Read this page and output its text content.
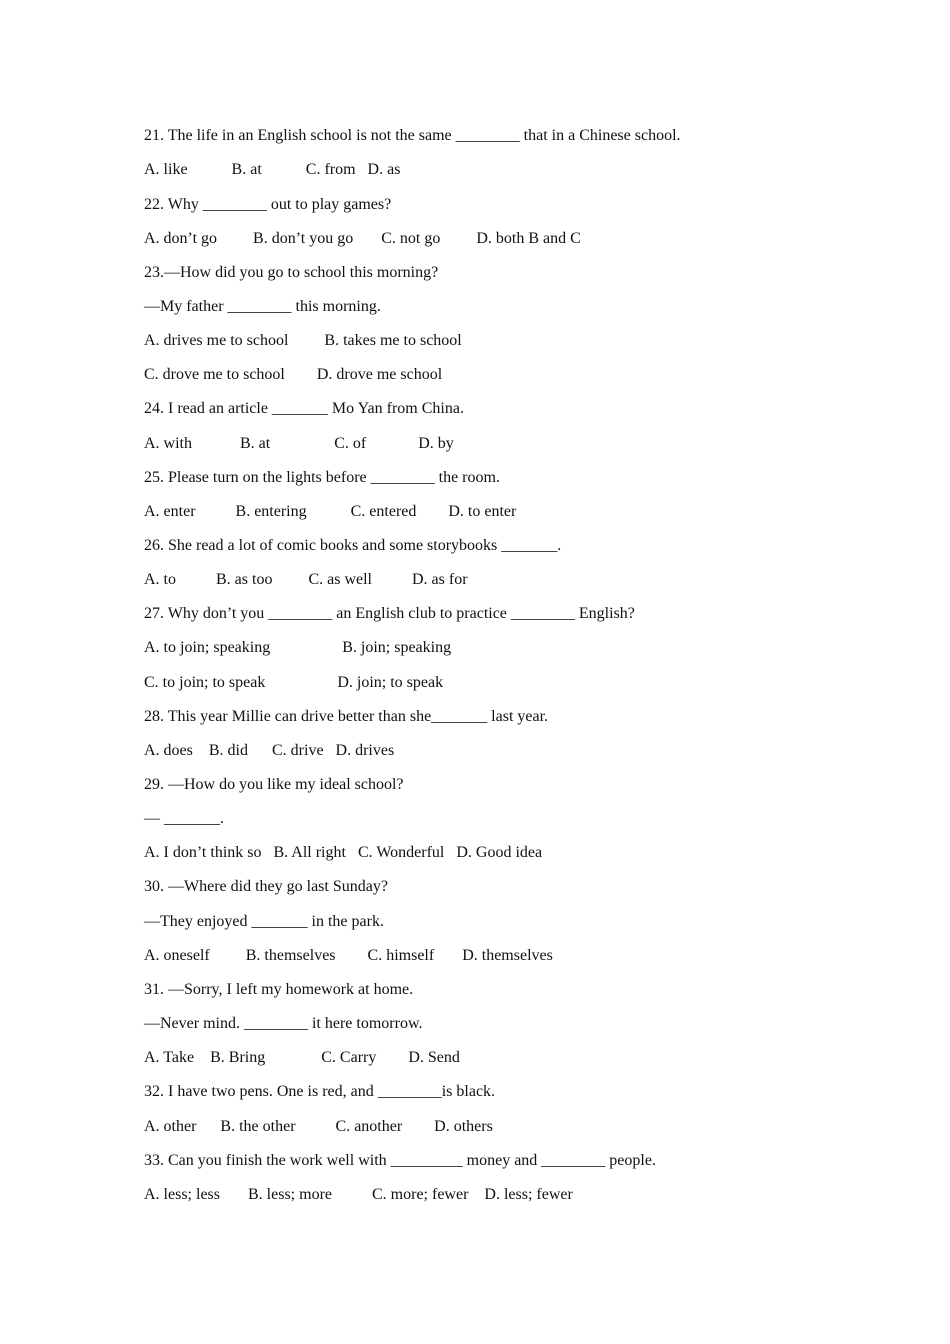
21. The life in an English school is not the same ________ that in a Chinese school.
A. like           B. at           C. from   D. as
22. Why ________ out to play games?
A. don’t go         B. don’t you go       C. not go         D. both B and C
23.—How did you go to school this morning?
—My father ________ this morning.
A. drives me to school         B. takes me to school
C. drove me to school        D. drove me school
24. I read an article _______ Mo Yan from China.
A. with            B. at                C. of             D. by
25. Please turn on the lights before ________ the room.
A. enter          B. entering           C. entered        D. to enter
26. She read a lot of comic books and some storybooks _______.
A. to          B. as too         C. as well          D. as for
27. Why don’t you ________ an English club to practice ________ English?
A. to join; speaking                  B. join; speaking
C. to join; to speak                  D. join; to speak
28. This year Millie can drive better than she_______ last year.
A. does    B. did      C. drive   D. drives
29. —How do you like my ideal school?
— _______.
A. I don’t think so   B. All right   C. Wonderful   D. Good idea
30. —Where did they go last Sunday?
—They enjoyed _______ in the park.
A. oneself         B. themselves        C. himself       D. themselves
31. —Sorry, I left my homework at home.
—Never mind. ________ it here tomorrow.
A. Take    B. Bring              C. Carry        D. Send
32. I have two pens. One is red, and ________is black.
A. other      B. the other          C. another        D. others
33. Can you finish the work well with _________ money and ________ people.
A. less; less       B. less; more          C. more; fewer    D. less; fewer
